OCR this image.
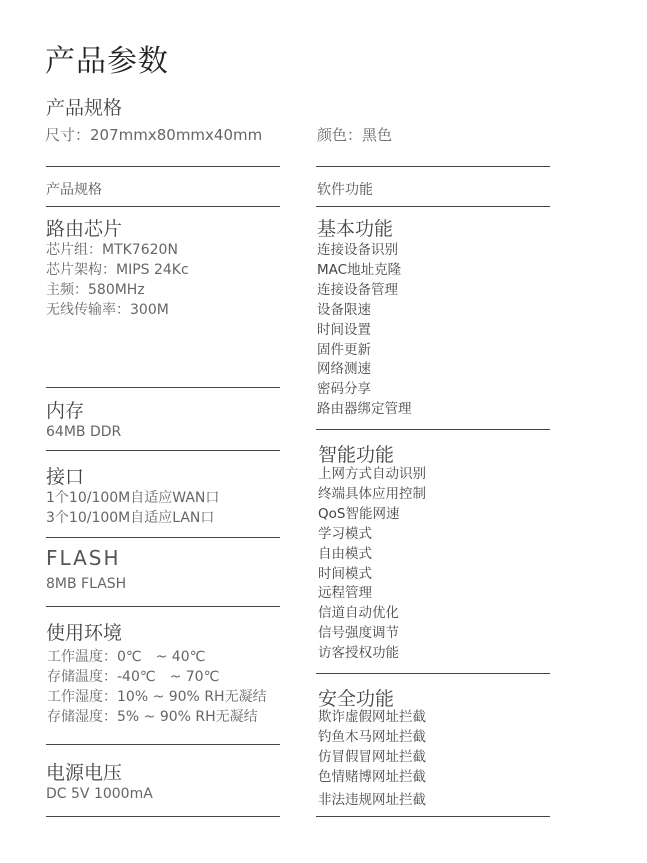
产品参数
产品规格
尺寸：207mmx80mmx40mm	颜色：黑色
产品规格	软件功能
路由芯片
芯片组：MTK7620N
芯片架构：MIPS 24Kc
主频：580MHz
无线传输率：300M
内存
64MB DDR
接口
1个10/100M自适应WAN口
3个10/100M自适应LAN口
FLASH
8MB FLASH
使用环境
工作温度：0℃　~ 40℃
存储温度：-40℃　~ 70℃
工作湿度：10% ~ 90% RH无凝结
存储湿度：5% ~ 90% RH无凝结
电源电压
DC 5V 1000mA
基本功能
连接设备识别
MAC地址克隆
连接设备管理
设备限速
时间设置
固件更新
网络测速
密码分享
路由器绑定管理
智能功能
上网方式自动识别
终端具体应用控制
QoS智能网速
学习模式
自由模式
时间模式
远程管理
信道自动优化
信号强度调节
访客授权功能
安全功能
欺诈虚假网址拦截
钓鱼木马网址拦截
仿冒假冒网址拦截
色情赌博网址拦截
非法违规网址拦截
